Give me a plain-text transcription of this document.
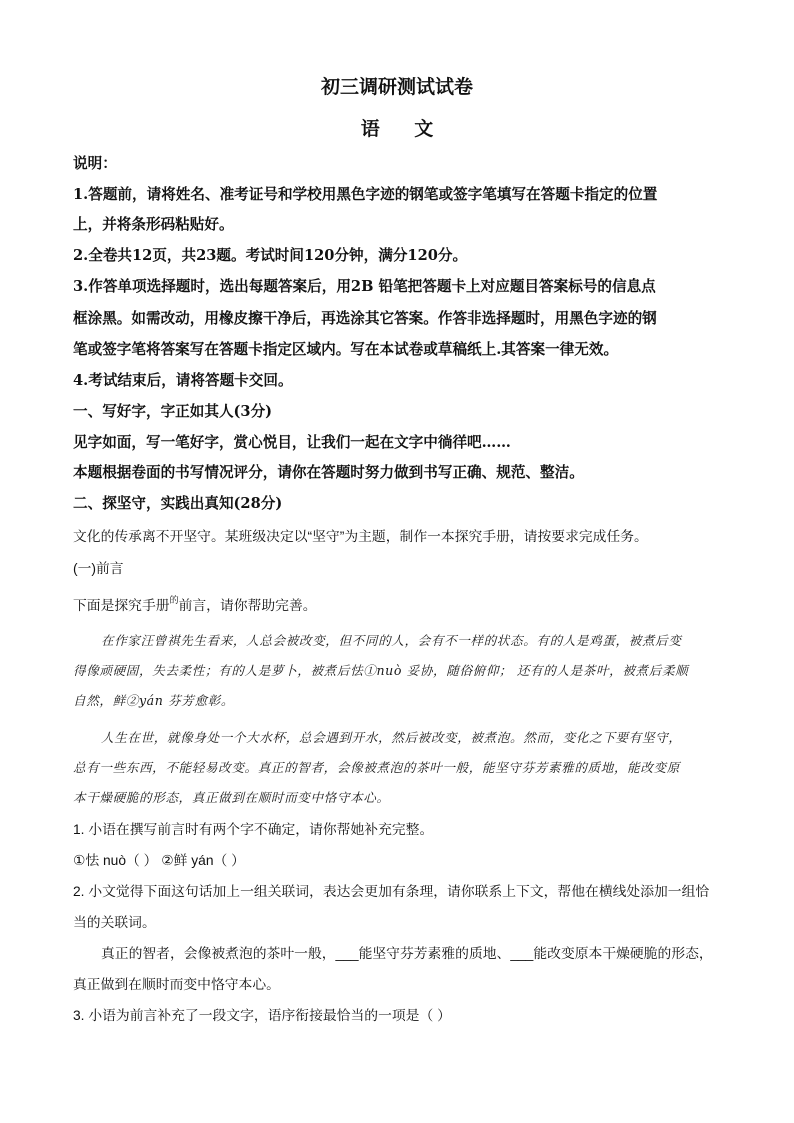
初三调研测试试卷
语 文

说明：

1.答题前，请将姓名、准考证号和学校用黑色字迹的钢笔或签字笔填写在答题卡指定的位置

上，并将条形码粘贴好。

2.全卷共12页，共23题。考试时间120分钟，满分120分。

3.作答单项选择题时，选出每题答案后，用2B 铅笔把答题卡上对应题目答案标号的信息点

框涂黑。如需改动，用橡皮擦干净后，再选涂其它答案。作答非选择题时，用黑色字迹的钢

笔或签字笔将答案写在答题卡指定区域内。写在本试卷或草稿纸上.其答案一律无效。

4.考试结束后，请将答题卡交回。

一、写好字，字正如其人(3分)

见字如面，写一笔好字，赏心悦目，让我们一起在文字中徜徉吧……

本题根据卷面的书写情况评分，请你在答题时努力做到书写正确、规范、整洁。

二、探坚守，实践出真知(28分)

文化的传承离不开坚守。某班级决定以“坚守”为主题，制作一本探究手册，请按要求完成任务。

(一)前言

下面是探究手册$^的$前言，请你帮助完善。

在作家汪曾祺先生看来，人总会被改变，但不同的人，会有不一样的状态。有的人是鸡蛋，被煮后变

得像顽硬固，失去柔性；有的人是萝卜，被煮后怯①nuò 妥协，随俗俯仰； 还有的人是茶叶，被煮后柔顺

自然，鲜②yán 芬芳愈彰。

人生在世，就像身处一个大水杯，总会遇到开水，然后被改变，被煮泡。然而，变化之下要有坚守，

总有一些东西，不能轻易改变。真正的智者，会像被煮泡的茶叶一般，能坚守芬芳素雅的质地，能改变原

本干燥硬脆的形态，真正做到在顺时而变中恪守本心。

1. 小语在撰写前言时有两个字不确定，请你帮她补充完整。

①怯 nuò（ ） ②鲜 yán（ ）

2. 小文觉得下面这句话加上一组关联词，表达会更加有条理，请你联系上下文，帮他在横线处添加一组恰

当的关联词。

真正的智者，会像被煮泡的茶叶一般，___能坚守芬芳素雅的质地、___能改变原本干燥硬脆的形态，

真正做到在顺时而变中恪守本心。

3. 小语为前言补充了一段文字，语序衔接最恰当的一项是（ ）
